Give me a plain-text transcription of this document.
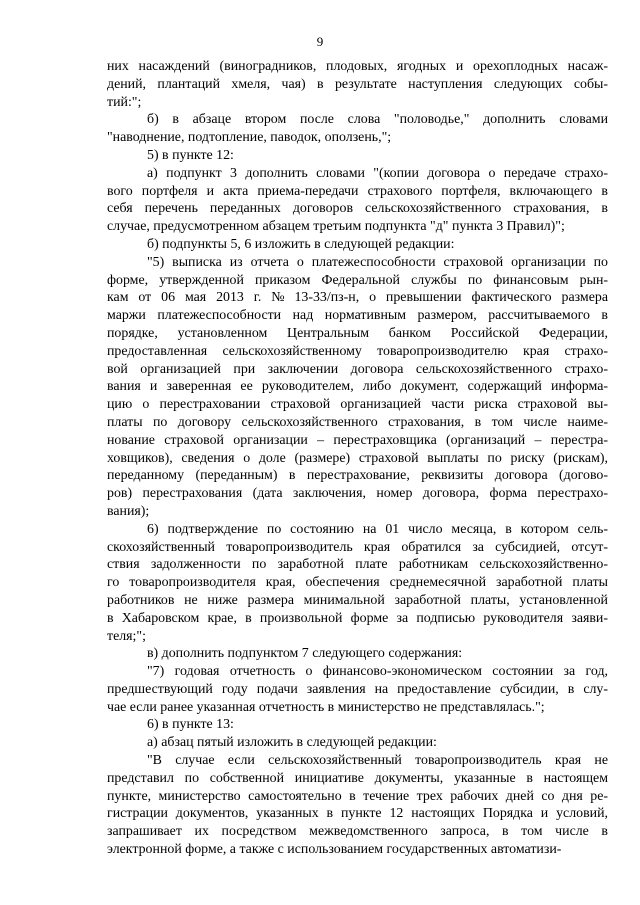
9
них насаждений (виноградников, плодовых, ягодных и орехоплодных насаж-
дений, плантаций хмеля, чая) в результате наступления следующих собы-
тий:";
б) в абзаце втором после слова "половодье," дополнить словами
"наводнение, подтопление, паводок, оползень,";
5) в пункте 12:
а) подпункт 3 дополнить словами "(копии договора о передаче страхо-
вого портфеля и акта приема-передачи страхового портфеля, включающего в
себя перечень переданных договоров сельскохозяйственного страхования, в
случае, предусмотренном абзацем третьим подпункта "д" пункта 3 Правил)";
б) подпункты 5, 6 изложить в следующей редакции:
"5) выписка из отчета о платежеспособности страховой организации по
форме, утвержденной приказом Федеральной службы по финансовым рын-
кам от 06 мая 2013 г. № 13-33/пз-н, о превышении фактического размера
маржи платежеспособности над нормативным размером, рассчитываемого в
порядке, установленном Центральным банком Российской Федерации,
предоставленная сельскохозяйственному товаропроизводителю края страхо-
вой организацией при заключении договора сельскохозяйственного страхо-
вания и заверенная ее руководителем, либо документ, содержащий информа-
цию о перестраховании страховой организацией части риска страховой вы-
платы по договору сельскохозяйственного страхования, в том числе наиме-
нование страховой организации – перестраховщика (организаций – перестра-
ховщиков), сведения о доле (размере) страховой выплаты по риску (рискам),
переданному (переданным) в перестрахование, реквизиты договора (догово-
ров) перестрахования (дата заключения, номер договора, форма перестрахо-
вания);
6) подтверждение по состоянию на 01 число месяца, в котором сель-
скохозяйственный товаропроизводитель края обратился за субсидией, отсут-
ствия задолженности по заработной плате работникам сельскохозяйственно-
го товаропроизводителя края, обеспечения среднемесячной заработной платы
работников не ниже размера минимальной заработной платы, установленной
в Хабаровском крае, в произвольной форме за подписью руководителя заяви-
теля;";
в) дополнить подпунктом 7 следующего содержания:
"7) годовая отчетность о финансово-экономическом состоянии за год,
предшествующий году подачи заявления на предоставление субсидии, в слу-
чае если ранее указанная отчетность в министерство не представлялась.";
6) в пункте 13:
а) абзац пятый изложить в следующей редакции:
"В случае если сельскохозяйственный товаропроизводитель края не
представил по собственной инициативе документы, указанные в настоящем
пункте, министерство самостоятельно в течение трех рабочих дней со дня ре-
гистрации документов, указанных в пункте 12 настоящих Порядка и условий,
запрашивает их посредством межведомственного запроса, в том числе в
электронной форме, а также с использованием государственных автоматизи-
